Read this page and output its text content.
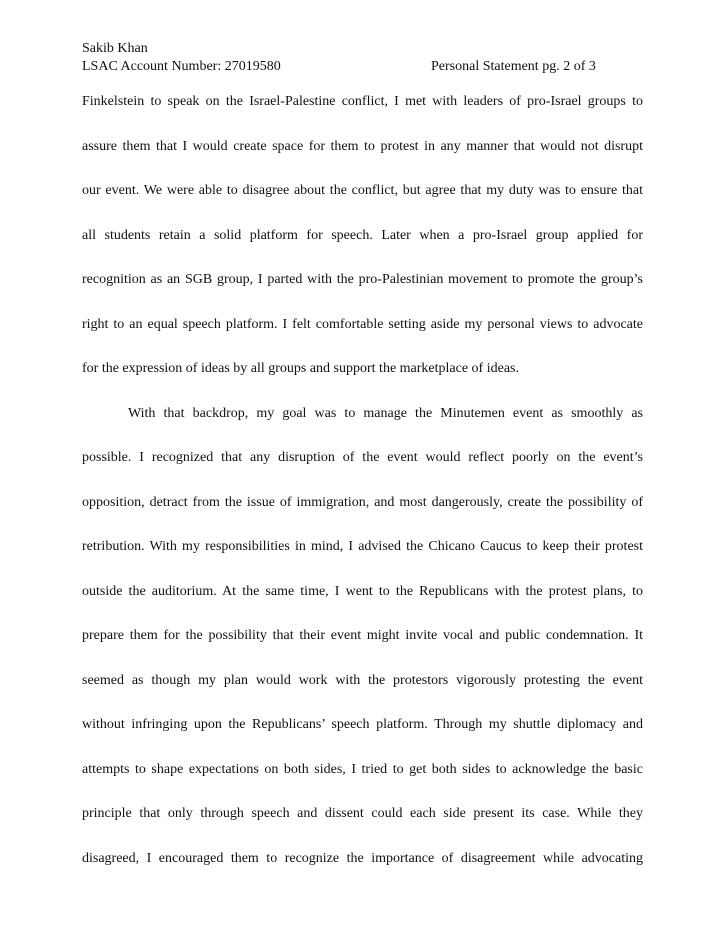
Sakib Khan
LSAC Account Number: 27019580	Personal Statement pg. 2 of 3
Finkelstein to speak on the Israel-Palestine conflict, I met with leaders of pro-Israel groups to
assure them that I would create space for them to protest in any manner that would not disrupt
our event. We were able to disagree about the conflict, but agree that my duty was to ensure that
all students retain a solid platform for speech. Later when a pro-Israel group applied for
recognition as an SGB group, I parted with the pro-Palestinian movement to promote the group’s
right to an equal speech platform. I felt comfortable setting aside my personal views to advocate
for the expression of ideas by all groups and support the marketplace of ideas.
With that backdrop, my goal was to manage the Minutemen event as smoothly as
possible. I recognized that any disruption of the event would reflect poorly on the event’s
opposition, detract from the issue of immigration, and most dangerously, create the possibility of
retribution. With my responsibilities in mind, I advised the Chicano Caucus to keep their protest
outside the auditorium. At the same time, I went to the Republicans with the protest plans, to
prepare them for the possibility that their event might invite vocal and public condemnation. It
seemed as though my plan would work with the protestors vigorously protesting the event
without infringing upon the Republicans’ speech platform. Through my shuttle diplomacy and
attempts to shape expectations on both sides, I tried to get both sides to acknowledge the basic
principle that only through speech and dissent could each side present its case. While they
disagreed, I encouraged them to recognize the importance of disagreement while advocating
